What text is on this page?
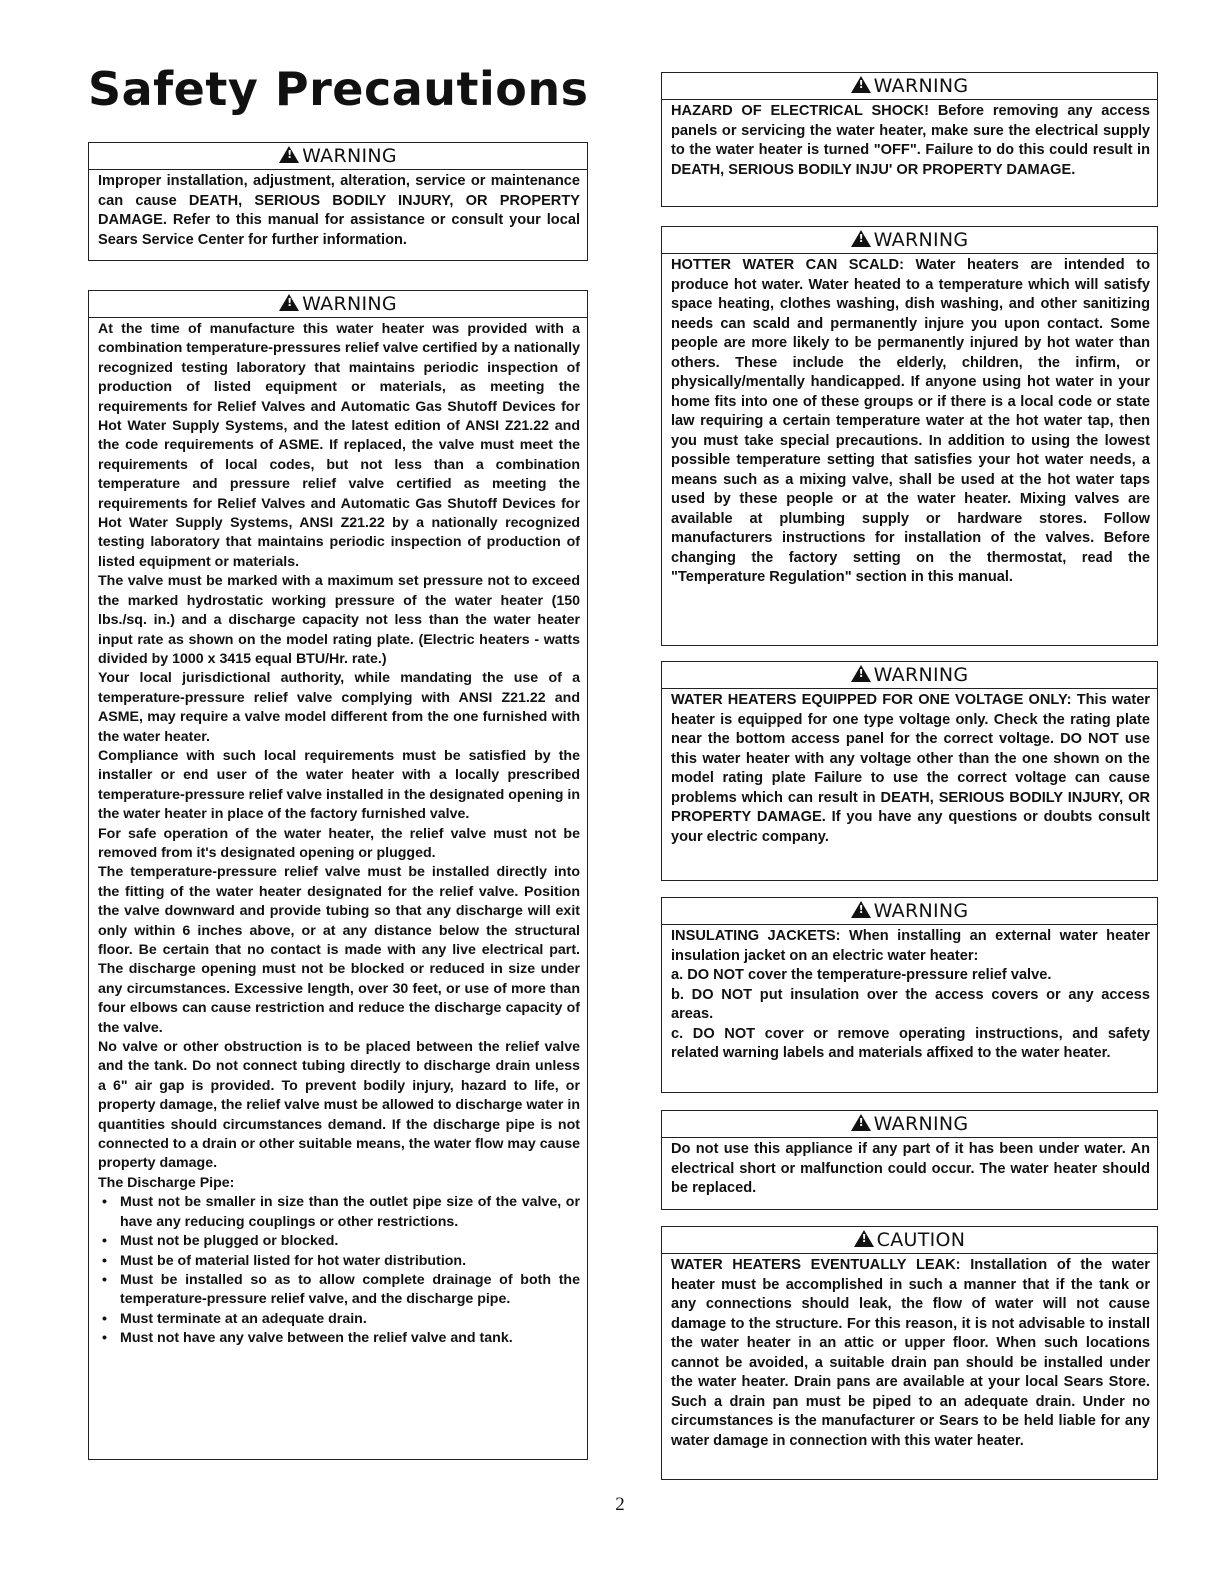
Safety Precautions
!WARNING

Improper installation, adjustment, alteration, service or maintenance can cause DEATH, SERIOUS BODILY INJURY, OR PROPERTY DAMAGE. Refer to this manual for assistance or consult your local Sears Service Center for further information.

!WARNING

At the time of manufacture this water heater was provided with a combination temperature-pressures relief valve certified by a nationally recognized testing laboratory that maintains periodic inspection of production of listed equipment or materials, as meeting the requirements for Relief Valves and Automatic Gas Shutoff Devices for Hot Water Supply Systems, and the latest edition of ANSI Z21.22 and the code requirements of ASME. If replaced, the valve must meet the requirements of local codes, but not less than a combination temperature and pressure relief valve certified as meeting the requirements for Relief Valves and Automatic Gas Shutoff Devices for Hot Water Supply Systems, ANSI Z21.22 by a nationally recognized testing laboratory that maintains periodic inspection of production of listed equipment or materials.

The valve must be marked with a maximum set pressure not to exceed the marked hydrostatic working pressure of the water heater (150 lbs./sq. in.) and a discharge capacity not less than the water heater input rate as shown on the model rating plate. (Electric heaters - watts divided by 1000 x 3415 equal BTU/Hr. rate.)

Your local jurisdictional authority, while mandating the use of a temperature-pressure relief valve complying with ANSI Z21.22 and ASME, may require a valve model different from the one furnished with the water heater.

Compliance with such local requirements must be satisfied by the installer or end user of the water heater with a locally prescribed temperature-pressure relief valve installed in the designated opening in the water heater in place of the factory furnished valve.

For safe operation of the water heater, the relief valve must not be removed from it's designated opening or plugged.

The temperature-pressure relief valve must be installed directly into the fitting of the water heater designated for the relief valve. Position the valve downward and provide tubing so that any discharge will exit only within 6 inches above, or at any distance below the structural floor. Be certain that no contact is made with any live electrical part. The discharge opening must not be blocked or reduced in size under any circumstances. Excessive length, over 30 feet, or use of more than four elbows can cause restriction and reduce the discharge capacity of the valve.

No valve or other obstruction is to be placed between the relief valve and the tank. Do not connect tubing directly to discharge drain unless a 6" air gap is provided. To prevent bodily injury, hazard to life, or property damage, the relief valve must be allowed to discharge water in quantities should circumstances demand. If the discharge pipe is not connected to a drain or other suitable means, the water flow may cause property damage.

The Discharge Pipe:

• Must not be smaller in size than the outlet pipe size of the valve, or have any reducing couplings or other restrictions.
• Must not be plugged or blocked.
• Must be of material listed for hot water distribution.
• Must be installed so as to allow complete drainage of both the temperature-pressure relief valve, and the discharge pipe.
• Must terminate at an adequate drain.
• Must not have any valve between the relief valve and tank.
!WARNING

HAZARD OF ELECTRICAL SHOCK! Before removing any access panels or servicing the water heater, make sure the electrical supply to the water heater is turned "OFF". Failure to do this could result in DEATH, SERIOUS BODILY INJU' OR PROPERTY DAMAGE.

!WARNING

HOTTER WATER CAN SCALD: Water heaters are intended to produce hot water. Water heated to a temperature which will satisfy space heating, clothes washing, dish washing, and other sanitizing needs can scald and permanently injure you upon contact. Some people are more likely to be permanently injured by hot water than others. These include the elderly, children, the infirm, or physically/mentally handicapped. If anyone using hot water in your home fits into one of these groups or if there is a local code or state law requiring a certain temperature water at the hot water tap, then you must take special precautions. In addition to using the lowest possible temperature setting that satisfies your hot water needs, a means such as a mixing valve, shall be used at the hot water taps used by these people or at the water heater. Mixing valves are available at plumbing supply or hardware stores. Follow manufacturers instructions for installation of the valves. Before changing the factory setting on the thermostat, read the "Temperature Regulation" section in this manual.

!WARNING

WATER HEATERS EQUIPPED FOR ONE VOLTAGE ONLY: This water heater is equipped for one type voltage only. Check the rating plate near the bottom access panel for the correct voltage. DO NOT use this water heater with any voltage other than the one shown on the model rating plate Failure to use the correct voltage can cause problems which can result in DEATH, SERIOUS BODILY INJURY, OR PROPERTY DAMAGE. If you have any questions or doubts consult your electric company.

!WARNING

INSULATING JACKETS: When installing an external water heater insulation jacket on an electric water heater:

a. DO NOT cover the temperature-pressure relief valve.

b. DO NOT put insulation over the access covers or any access areas.

c. DO NOT cover or remove operating instructions, and safety related warning labels and materials affixed to the water heater.

!WARNING

Do not use this appliance if any part of it has been under water. An electrical short or malfunction could occur. The water heater should be replaced.

!CAUTION

WATER HEATERS EVENTUALLY LEAK: Installation of the water heater must be accomplished in such a manner that if the tank or any connections should leak, the flow of water will not cause damage to the structure. For this reason, it is not advisable to install the water heater in an attic or upper floor. When such locations cannot be avoided, a suitable drain pan should be installed under the water heater. Drain pans are available at your local Sears Store. Such a drain pan must be piped to an adequate drain. Under no circumstances is the manufacturer or Sears to be held liable for any water damage in connection with this water heater.

2
